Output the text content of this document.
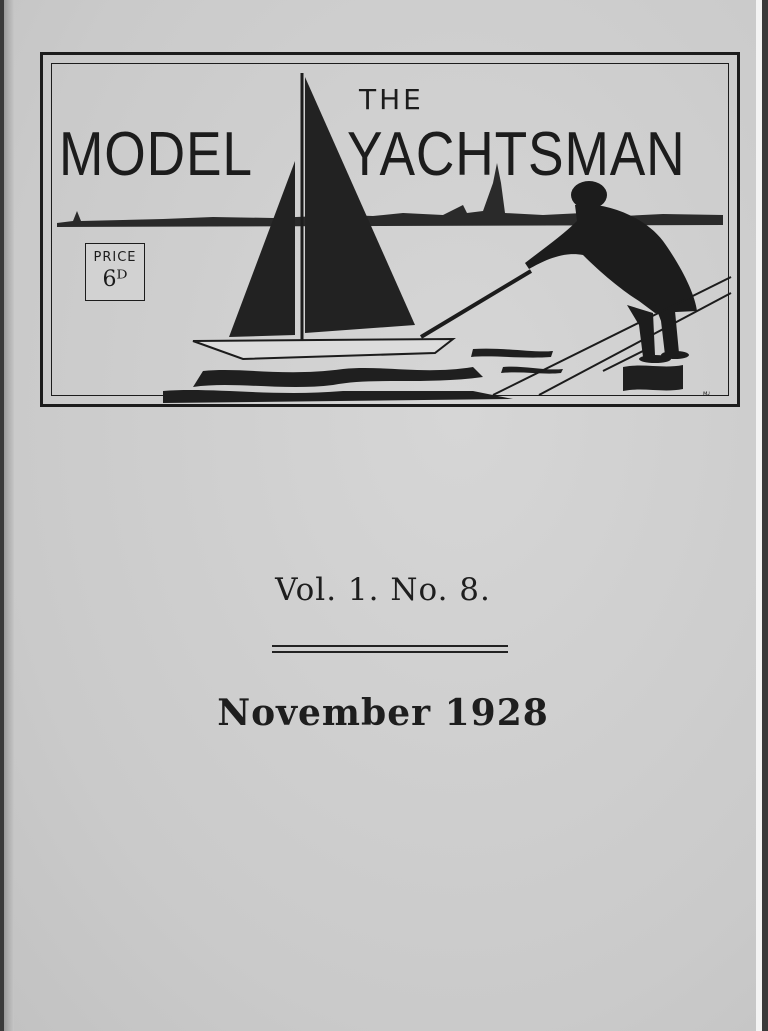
ᴍᴊ
THE
MODEL YACHTSMAN
PRICE
6ᴰ
Vol. 1. No. 8.
November 1928
